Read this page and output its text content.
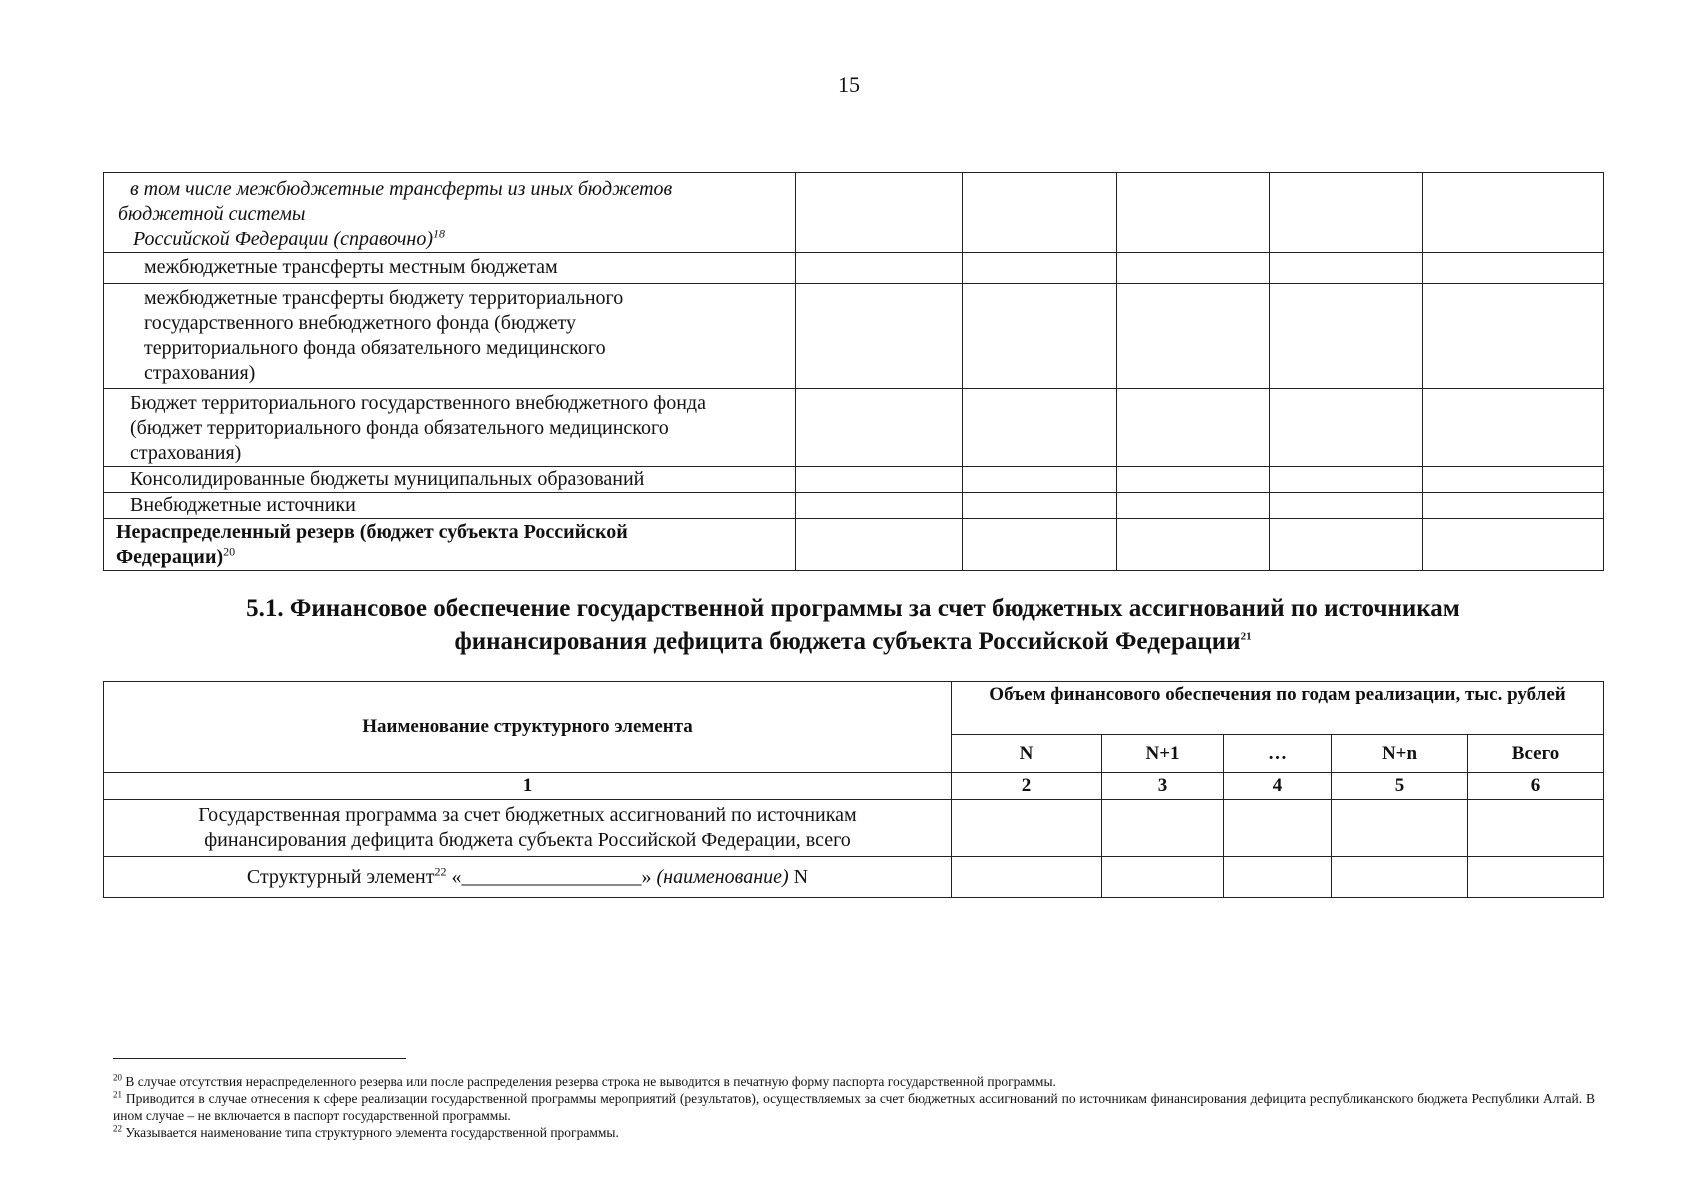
15
в том числе межбюджетные трансферты из иных бюджетов
бюджетной системы
Российской Федерации (справочно)$^{18}$

межбюджетные трансферты местным бюджетам					

межбюджетные трансферты бюджету территориального
государственного внебюджетного фонда (бюджету
территориального фонда обязательного медицинского
страхования)					

Бюджет территориального государственного внебюджетного фонда
(бюджет территориального фонда обязательного медицинского
страхования)					

Консолидированные бюджеты муниципальных образований					
Внебюджетные источники					

Нераспределенный резерв (бюджет субъекта Российской
Федерации)$^{20}$

5.1. Финансовое обеспечение государственной программы за счет бюджетных ассигнований по источникам
финансирования дефицита бюджета субъекта Российской Федерации$^{21}$
Наименование структурного элемента	Объем финансового обеспечения по годам реализации, тыс. рублей				
	N	N+1	…	N+n	Всего
1	2	3	4	5	6

Государственная программа за счет бюджетных ассигнований по источникам
финансирования дефицита бюджета субъекта Российской Федерации, всего					

Структурный элемент$^{22}$ «__________________» (наименование) N					

$^{20}$ В случае отсутствия нераспределенного резерва или после распределения резерва строка не выводится в печатную форму паспорта государственной программы.

$^{21}$ Приводится в случае отнесения к сфере реализации государственной программы мероприятий (результатов), осуществляемых за счет бюджетных ассигнований по источникам финансирования дефицита республиканского бюджета Республики Алтай. В ином случае – не включается в паспорт государственной программы.

$^{22}$ Указывается наименование типа структурного элемента государственной программы.
